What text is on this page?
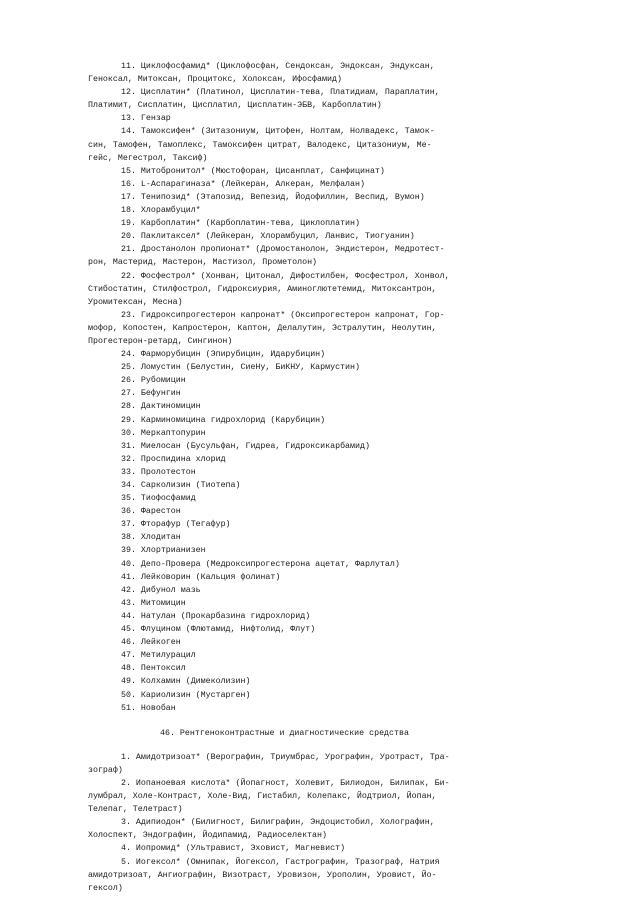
11. Циклофосфамид* (Циклофосфан, Сендоксан, Эндоксан, Эндуксан,
Геноксал, Митоксан, Процитокс, Холоксан, Ифосфамид)
12. Цисплатин* (Платинол, Цисплатин-тева, Платидиам, Параплатин,
Платимит, Сисплатин, Цисплатил, Цисплатин-ЭБВ, Карбоплатин)
13. Гензар
14. Тамоксифен* (Зитазониум, Цитофен, Нолтам, Нолвадекс, Тамок-
син, Тамофен, Тамоплекс, Тамоксифен цитрат, Валодекс, Цитазониум, Ме-
гейс, Мегестрол, Таксиф)
15. Митобронитол* (Мюстофоран, Цисанплат, Санфицинат)
16. L-Аспарагиназа* (Лейкеран, Алкеран, Мелфалан)
17. Тенипозид* (Этапозид, Вепезид, Йодофиллин, Веспид, Вумон)
18. Хлорамбуцил*
19. Карбоплатин* (Карбоплатин-тева, Циклоплатин)
20. Паклитаксел* (Лейкеран, Хлорамбуцил, Ланвис, Тиогуанин)
21. Дростанолон пропионат* (Дромостанолон, Эндистерон, Медротест-
рон, Мастерид, Мастерон, Мастизол, Прометолон)
22. Фосфестрол* (Хонван, Цитонал, Дифостилбен, Фосфестрол, Хонвол,
Стибостатин, Стилфострол, Гидроксиурия, Аминоглютетемид, Митоксантрон,
Уромитексан, Месна)
23. Гидроксипрогестерон капронат* (Оксипрогестерон капронат, Гор-
мофор, Копостен, Капростерон, Каптон, Делалутин, Эстралутин, Неолутин,
Прогестерон-ретард, Сингинон)
24. Фарморубицин (Эпирубицин, Идарубицин)
25. Ломустин (Белустин, СиеНу, БиКНУ, Кармустин)
26. Рубомицин
27. Бефунгин
28. Дактиномицин
29. Карминомицина гидрохлорид (Карубицин)
30. Меркаптопурин
31. Миелосан (Бусульфан, Гидреа, Гидроксикарбамид)
32. Проспидина хлорид
33. Пролотестон
34. Сарколизин (Тиотепа)
35. Тиофосфамид
36. Фарестон
37. Фторафур (Тегафур)
38. Хлодитан
39. Хлортрианизен
40. Депо-Провера (Медроксипрогестерона ацетат, Фарлутал)
41. Лейковорин (Кальция фолинат)
42. Дибунол мазь
43. Митомицин
44. Натулан (Прокарбазина гидрохлорид)
45. Флуцином (Флютамид, Нифтолид, Флут)
46. Лейкоген
47. Метилурацил
48. Пентоксил
49. Колхамин (Димеколизин)
50. Кариолизин (Мустарген)
51. Новобан
46. Рентгеноконтрастные и диагностические средства
1. Амидотризоат* (Верографин, Триумбрас, Урографин, Уротраст, Тра-
зограф)
2. Иопаноевая кислота* (Йопагност, Холевит, Билиодон, Билипак, Би-
лумбрал, Холе-Контраст, Холе-Вид, Гистабил, Колепакс, Йодтриол, Йопан,
Телепаг, Телетраст)
3. Адипиодон* (Билигност, Билиграфин, Эндоцистобил, Холографин,
Холоспект, Эндографин, Йодипамид, Радиоселектан)
4. Иопромид* (Ультравист, Эховист, Магневист)
5. Иогексол* (Омнипак, Йогексол, Гастрографин, Тразограф, Натрия
амидотризоат, Ангиографин, Визотраст, Уровизон, Урополин, Уровист, Йо-
гексол)
